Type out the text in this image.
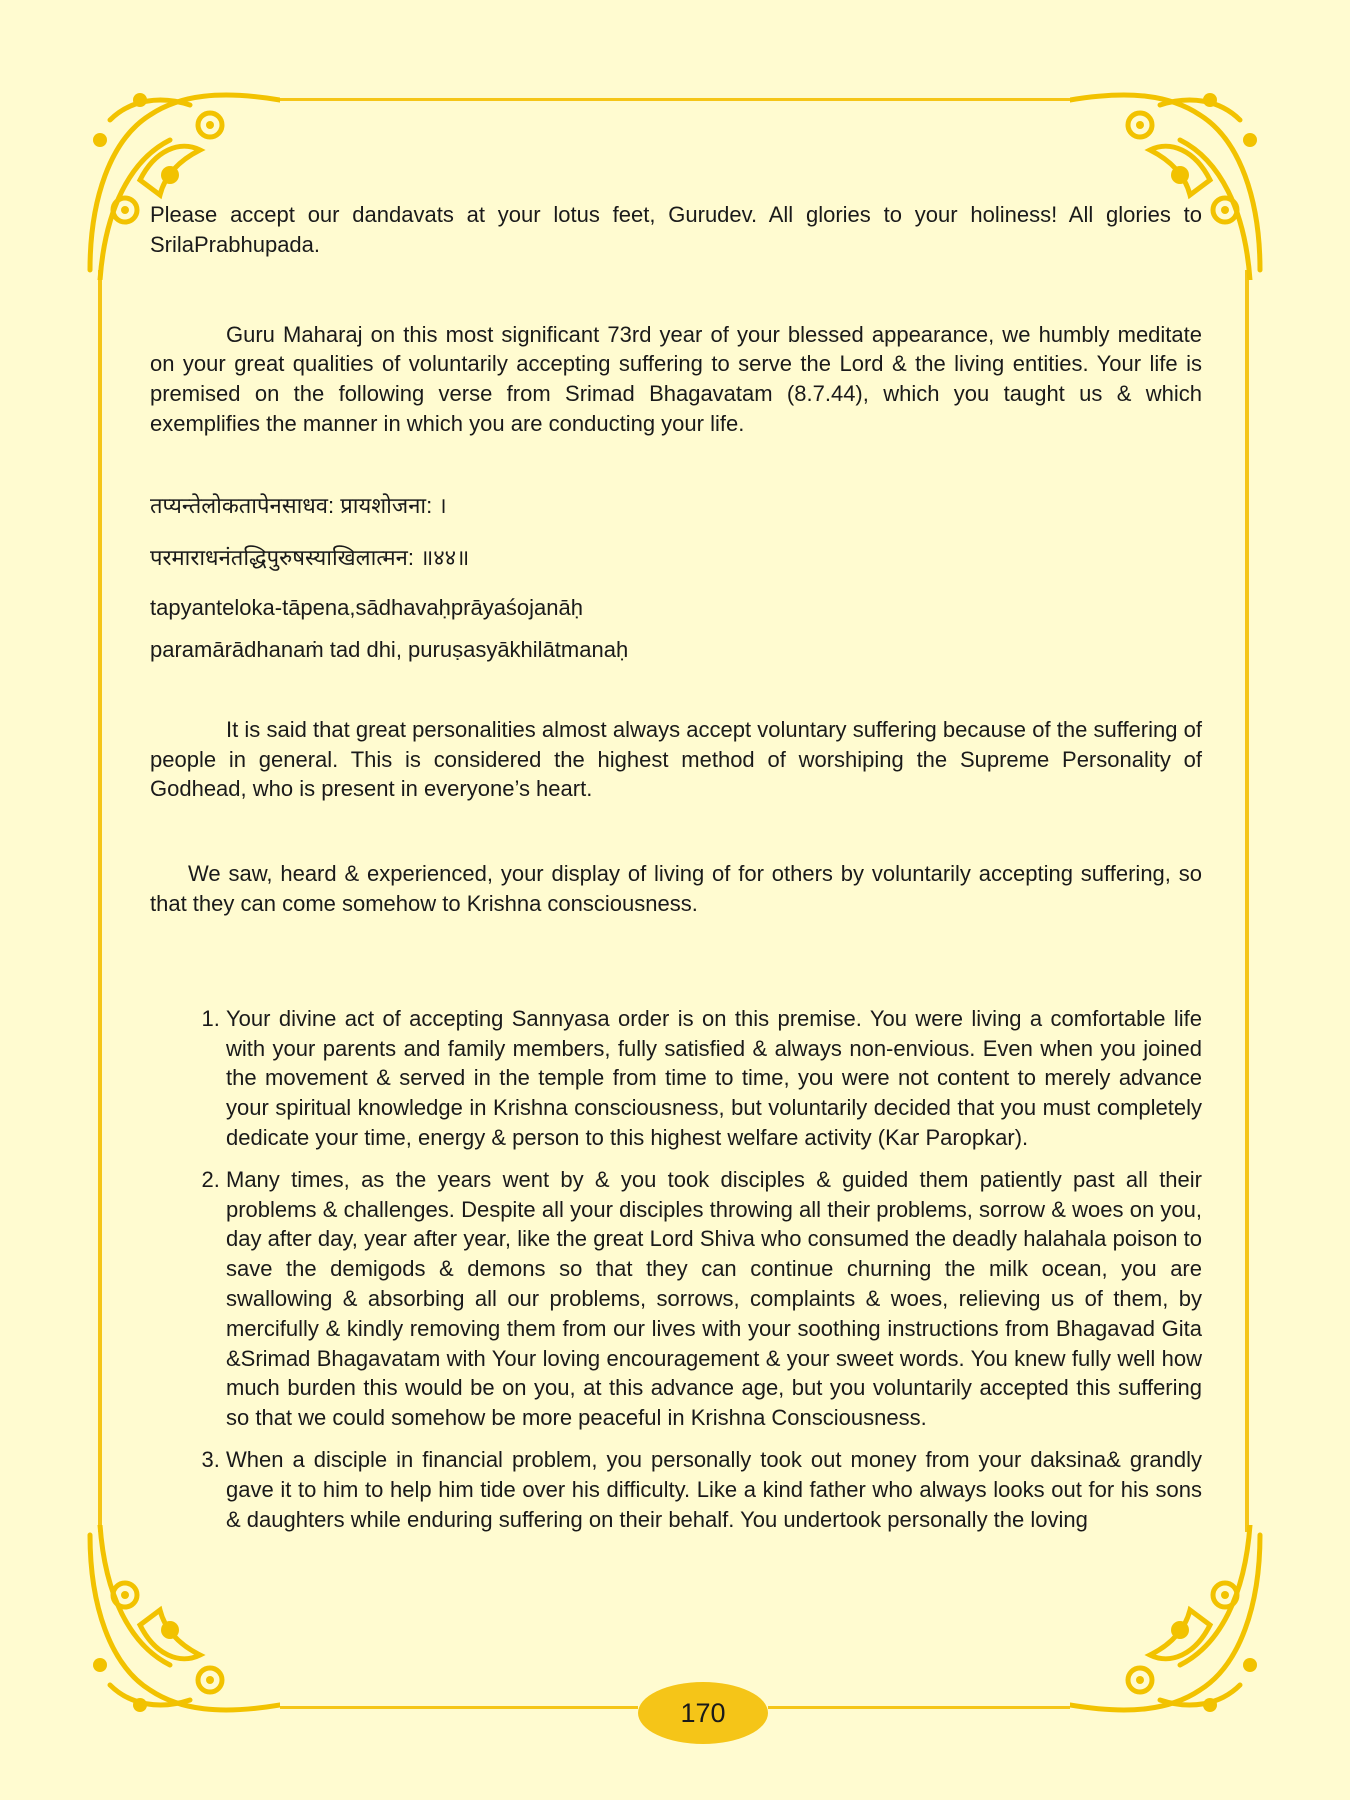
Please accept our dandavats at your lotus feet, Gurudev. All glories to your holiness! All glories to SrilaPrabhupada.

Guru Maharaj on this most significant 73rd year of your blessed appearance, we humbly meditate on your great qualities of voluntarily accepting suffering to serve the Lord & the living entities. Your life is premised on the following verse from Srimad Bhagavatam (8.7.44), which you taught us & which exemplifies the manner in which you are conducting your life.

तप्यन्तेलोकतापेनसाधव: प्रायशोजना: ।

परमाराधनंतद्धिपुरुषस्याखिलात्मन: ॥४४॥

tapyanteloka-tāpena,sādhavaḥprāyaśojanāḥ

paramārādhanaṁ tad dhi, puruṣasyākhilātmanaḥ

It is said that great personalities almost always accept voluntary suffering because of the suffering of people in general. This is considered the highest method of worshiping the Supreme Personality of Godhead, who is present in everyone’s heart.

We saw, heard & experienced, your display of living of for others by voluntarily accepting suffering, so that they can come somehow to Krishna consciousness.

1. Your divine act of accepting Sannyasa order is on this premise. You were living a comfortable life with your parents and family members, fully satisfied & always non-envious. Even when you joined the movement & served in the temple from time to time, you were not content to merely advance your spiritual knowledge in Krishna consciousness, but voluntarily decided that you must completely dedicate your time, energy & person to this highest welfare activity (Kar Paropkar).
2. Many times, as the years went by & you took disciples & guided them patiently past all their problems & challenges. Despite all your disciples throwing all their problems, sorrow & woes on you, day after day, year after year, like the great Lord Shiva who consumed the deadly halahala poison to save the demigods & demons so that they can continue churning the milk ocean, you are swallowing & absorbing all our problems, sorrows, complaints & woes, relieving us of them, by mercifully & kindly removing them from our lives with your soothing instructions from Bhagavad Gita &Srimad Bhagavatam with Your loving encouragement & your sweet words. You knew fully well how much burden this would be on you, at this advance age, but you voluntarily accepted this suffering so that we could somehow be more peaceful in Krishna Consciousness.
3. When a disciple in financial problem, you personally took out money from your daksina& grandly gave it to him to help him tide over his difficulty. Like a kind father who always looks out for his sons & daughters while enduring suffering on their behalf. You undertook personally the loving
170
